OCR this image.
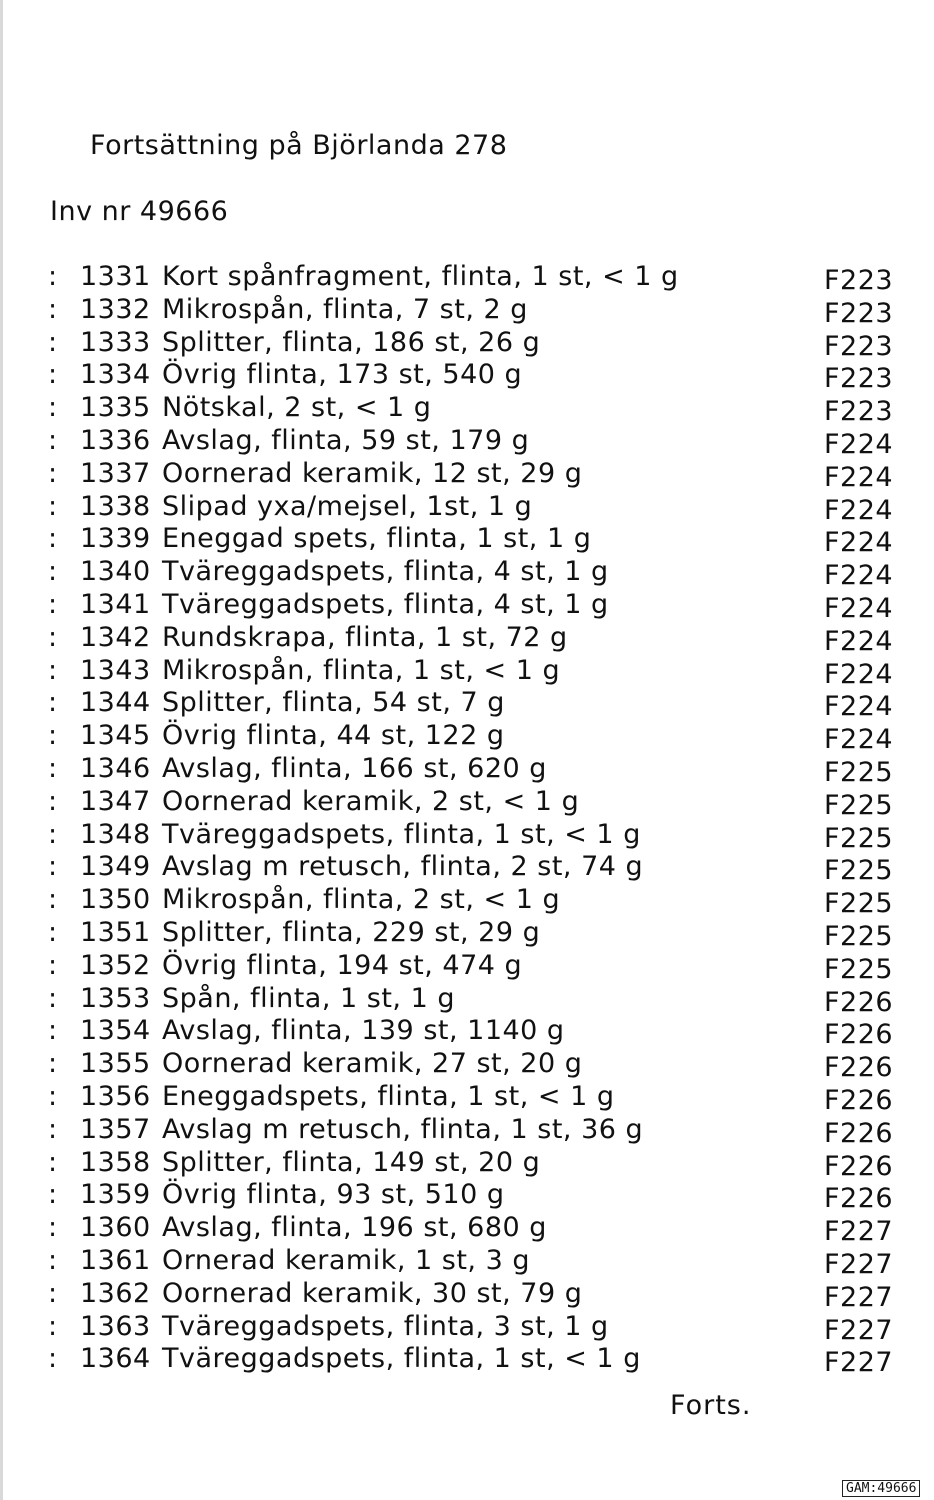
Fortsättning på Björlanda 278
Inv nr 49666
: 1331 Kort spånfragment, flinta, 1 st, < 1 g	F223
: 1332 Mikrospån, flinta, 7 st, 2 g	F223
: 1333 Splitter, flinta, 186 st, 26 g	F223
: 1334 Övrig flinta, 173 st, 540 g	F223
: 1335 Nötskal, 2 st, < 1 g	F223
: 1336 Avslag, flinta, 59 st, 179 g	F224
: 1337 Oornerad keramik, 12 st, 29 g	F224
: 1338 Slipad yxa/mejsel, 1st, 1 g	F224
: 1339 Eneggad spets, flinta, 1 st, 1 g	F224
: 1340 Tväreggadspets, flinta, 4 st, 1 g	F224
: 1341 Tväreggadspets, flinta, 4 st, 1 g	F224
: 1342 Rundskrapa, flinta, 1 st, 72 g	F224
: 1343 Mikrospån, flinta, 1 st, < 1 g	F224
: 1344 Splitter, flinta, 54 st, 7 g	F224
: 1345 Övrig flinta, 44 st, 122 g	F224
: 1346 Avslag, flinta, 166 st, 620 g	F225
: 1347 Oornerad keramik, 2 st, < 1 g	F225
: 1348 Tväreggadspets, flinta, 1 st, < 1 g	F225
: 1349 Avslag m retusch, flinta, 2 st, 74 g	F225
: 1350 Mikrospån, flinta, 2 st, < 1 g	F225
: 1351 Splitter, flinta, 229 st, 29 g	F225
: 1352 Övrig flinta, 194 st, 474 g	F225
: 1353 Spån, flinta, 1 st, 1 g	F226
: 1354 Avslag, flinta, 139 st, 1140 g	F226
: 1355 Oornerad keramik, 27 st, 20 g	F226
: 1356 Eneggadspets, flinta, 1 st, < 1 g	F226
: 1357 Avslag m retusch, flinta, 1 st, 36 g	F226
: 1358 Splitter, flinta, 149 st, 20 g	F226
: 1359 Övrig flinta, 93 st, 510 g	F226
: 1360 Avslag, flinta, 196 st, 680 g	F227
: 1361 Ornerad keramik, 1 st, 3 g	F227
: 1362 Oornerad keramik, 30 st, 79 g	F227
: 1363 Tväreggadspets, flinta, 3 st, 1 g	F227
: 1364 Tväreggadspets, flinta, 1 st, < 1 g	F227
Forts.
GAM:49666
